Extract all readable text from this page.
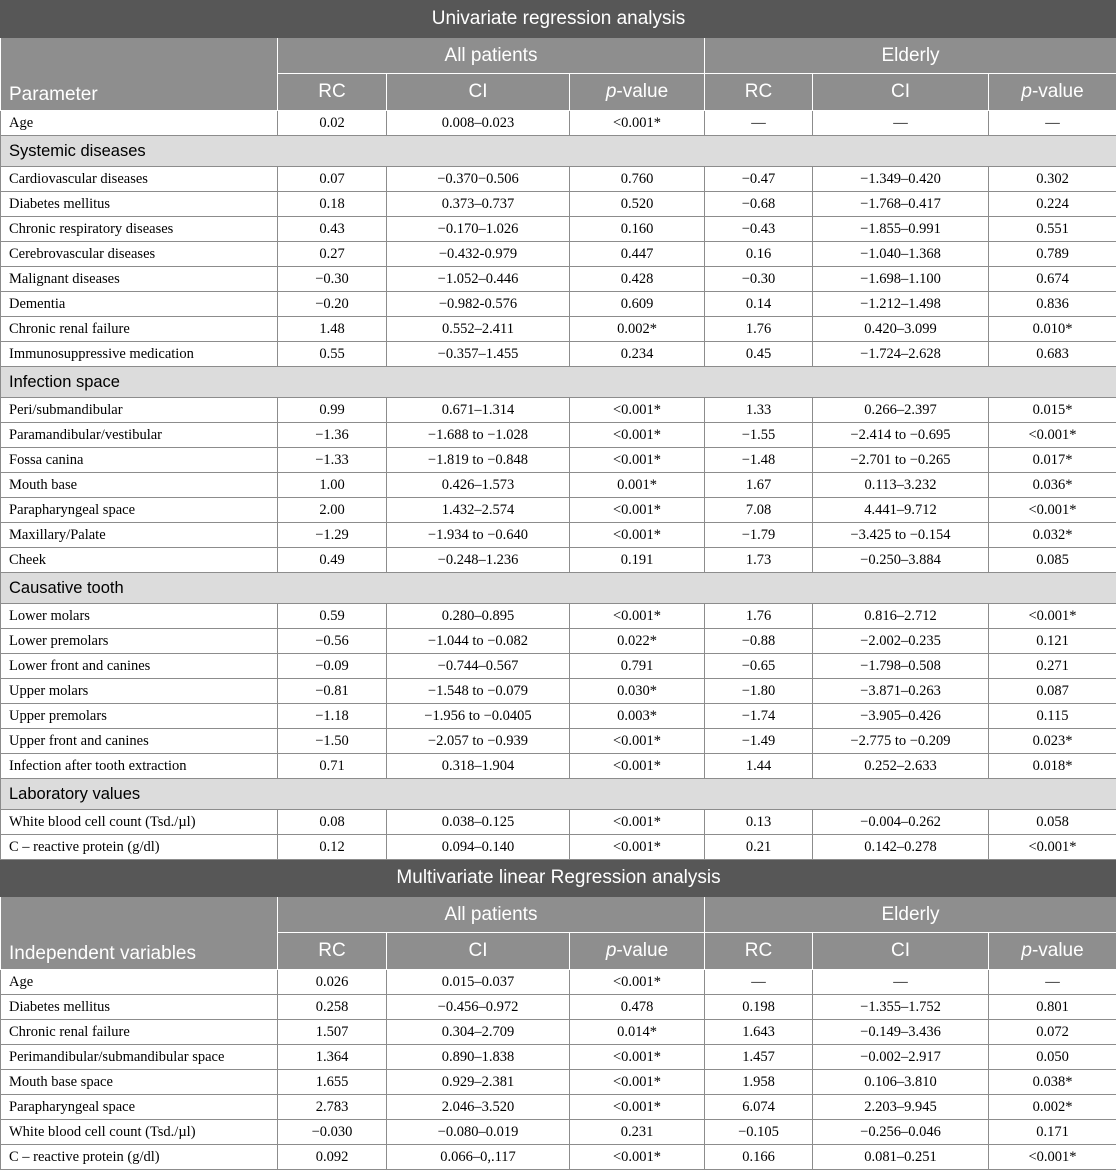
Univariate regression analysis						
Parameter	All patients			Elderly		
	RC	CI	p-value	RC	CI	p-value
Age	0.02	0.008–0.023	<0.001*	—	—	—
Systemic diseases						
Cardiovascular diseases	0.07	−0.370−0.506	0.760	−0.47	−1.349–0.420	0.302
Diabetes mellitus	0.18	0.373–0.737	0.520	−0.68	−1.768–0.417	0.224
Chronic respiratory diseases	0.43	−0.170–1.026	0.160	−0.43	−1.855–0.991	0.551
Cerebrovascular diseases	0.27	−0.432-0.979	0.447	0.16	−1.040–1.368	0.789
Malignant diseases	−0.30	−1.052–0.446	0.428	−0.30	−1.698–1.100	0.674
Dementia	−0.20	−0.982-0.576	0.609	0.14	−1.212–1.498	0.836
Chronic renal failure	1.48	0.552–2.411	0.002*	1.76	0.420–3.099	0.010*
Immunosuppressive medication	0.55	−0.357–1.455	0.234	0.45	−1.724–2.628	0.683
Infection space						
Peri/submandibular	0.99	0.671–1.314	<0.001*	1.33	0.266–2.397	0.015*
Paramandibular/vestibular	−1.36	−1.688 to −1.028	<0.001*	−1.55	−2.414 to −0.695	<0.001*
Fossa canina	−1.33	−1.819 to −0.848	<0.001*	−1.48	−2.701 to −0.265	0.017*
Mouth base	1.00	0.426–1.573	0.001*	1.67	0.113–3.232	0.036*
Parapharyngeal space	2.00	1.432–2.574	<0.001*	7.08	4.441–9.712	<0.001*
Maxillary/Palate	−1.29	−1.934 to −0.640	<0.001*	−1.79	−3.425 to −0.154	0.032*
Cheek	0.49	−0.248–1.236	0.191	1.73	−0.250–3.884	0.085
Causative tooth						
Lower molars	0.59	0.280–0.895	<0.001*	1.76	0.816–2.712	<0.001*
Lower premolars	−0.56	−1.044 to −0.082	0.022*	−0.88	−2.002–0.235	0.121
Lower front and canines	−0.09	−0.744–0.567	0.791	−0.65	−1.798–0.508	0.271
Upper molars	−0.81	−1.548 to −0.079	0.030*	−1.80	−3.871–0.263	0.087
Upper premolars	−1.18	−1.956 to −0.0405	0.003*	−1.74	−3.905–0.426	0.115
Upper front and canines	−1.50	−2.057 to −0.939	<0.001*	−1.49	−2.775 to −0.209	0.023*
Infection after tooth extraction	0.71	0.318–1.904	<0.001*	1.44	0.252–2.633	0.018*
Laboratory values						
White blood cell count (Tsd./µl)	0.08	0.038–0.125	<0.001*	0.13	−0.004–0.262	0.058
C – reactive protein (g/dl)	0.12	0.094–0.140	<0.001*	0.21	0.142–0.278	<0.001*
Multivariate linear Regression analysis						
Independent variables	All patients			Elderly		
	RC	CI	p-value	RC	CI	p-value
Age	0.026	0.015–0.037	<0.001*	—	—	—
Diabetes mellitus	0.258	−0.456–0.972	0.478	0.198	−1.355–1.752	0.801
Chronic renal failure	1.507	0.304–2.709	0.014*	1.643	−0.149–3.436	0.072
Perimandibular/submandibular space	1.364	0.890–1.838	<0.001*	1.457	−0.002–2.917	0.050
Mouth base space	1.655	0.929–2.381	<0.001*	1.958	0.106–3.810	0.038*
Parapharyngeal space	2.783	2.046–3.520	<0.001*	6.074	2.203–9.945	0.002*
White blood cell count (Tsd./µl)	−0.030	−0.080–0.019	0.231	−0.105	−0.256–0.046	0.171
C – reactive protein (g/dl)	0.092	0.066–0,.117	<0.001*	0.166	0.081–0.251	<0.001*
